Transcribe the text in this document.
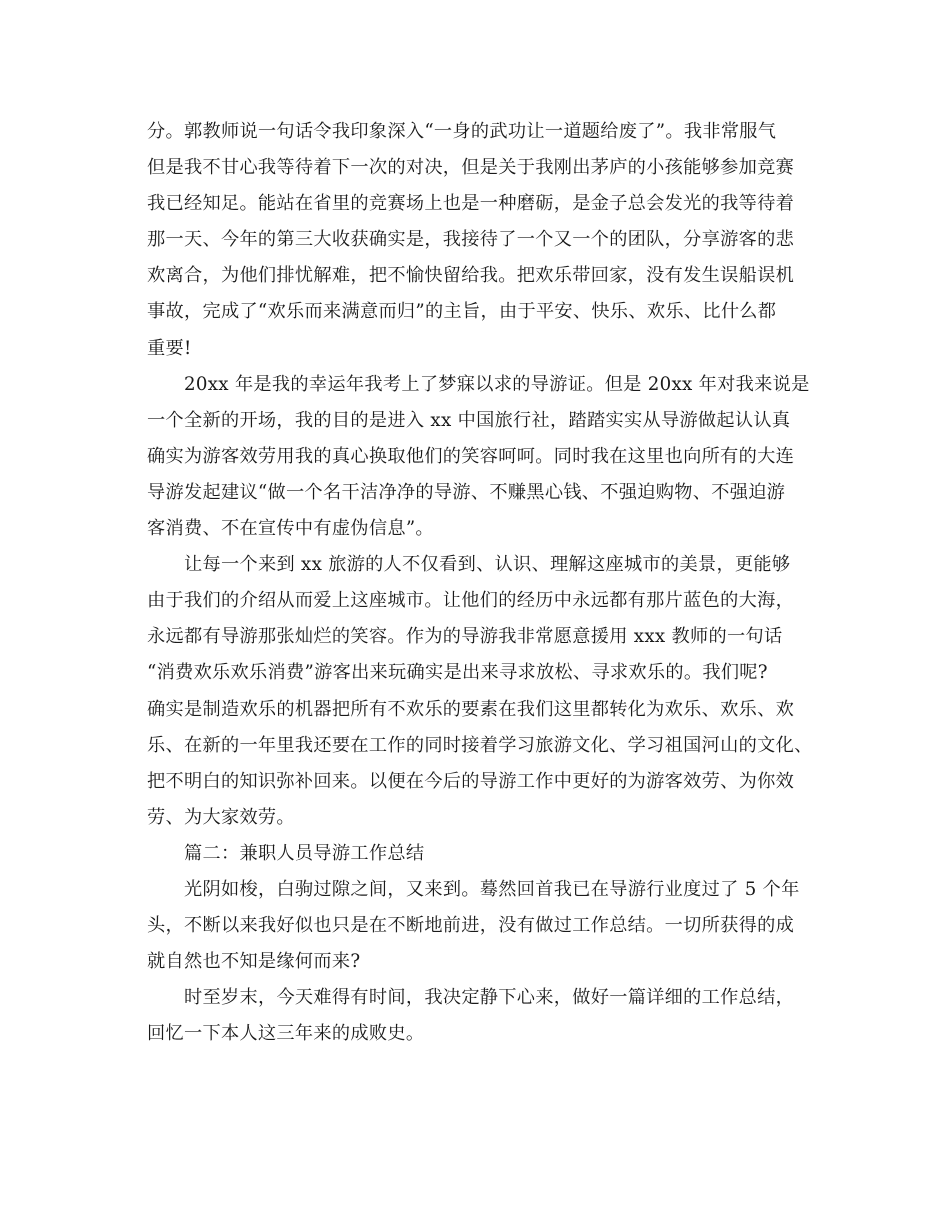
分。郭教师说一句话令我印象深入“一身的武功让一道题给废了”。我非常服气
但是我不甘心我等待着下一次的对决，但是关于我刚出茅庐的小孩能够参加竞赛
我已经知足。能站在省里的竞赛场上也是一种磨砺，是金子总会发光的我等待着
那一天、今年的第三大收获确实是，我接待了一个又一个的团队，分享游客的悲
欢离合，为他们排忧解难，把不愉快留给我。把欢乐带回家，没有发生误船误机
事故，完成了“欢乐而来满意而归”的主旨，由于平安、快乐、欢乐、比什么都
重要!
20xx 年是我的幸运年我考上了梦寐以求的导游证。但是 20xx 年对我来说是
一个全新的开场，我的目的是进入 xx 中国旅行社，踏踏实实从导游做起认认真
确实为游客效劳用我的真心换取他们的笑容呵呵。同时我在这里也向所有的大连
导游发起建议“做一个名干洁净净的导游、不赚黑心钱、不强迫购物、不强迫游
客消费、不在宣传中有虚伪信息”。
让每一个来到 xx 旅游的人不仅看到、认识、理解这座城市的美景，更能够
由于我们的介绍从而爱上这座城市。让他们的经历中永远都有那片蓝色的大海，
永远都有导游那张灿烂的笑容。作为的导游我非常愿意援用 xxx 教师的一句话
“消费欢乐欢乐消费”游客出来玩确实是出来寻求放松、寻求欢乐的。我们呢?
确实是制造欢乐的机器把所有不欢乐的要素在我们这里都转化为欢乐、欢乐、欢
乐、在新的一年里我还要在工作的同时接着学习旅游文化、学习祖国河山的文化、
把不明白的知识弥补回来。以便在今后的导游工作中更好的为游客效劳、为你效
劳、为大家效劳。
篇二：兼职人员导游工作总结
光阴如梭，白驹过隙之间，又来到。蓦然回首我已在导游行业度过了 5 个年
头，不断以来我好似也只是在不断地前进，没有做过工作总结。一切所获得的成
就自然也不知是缘何而来?
时至岁末，今天难得有时间，我决定静下心来，做好一篇详细的工作总结，
回忆一下本人这三年来的成败史。
